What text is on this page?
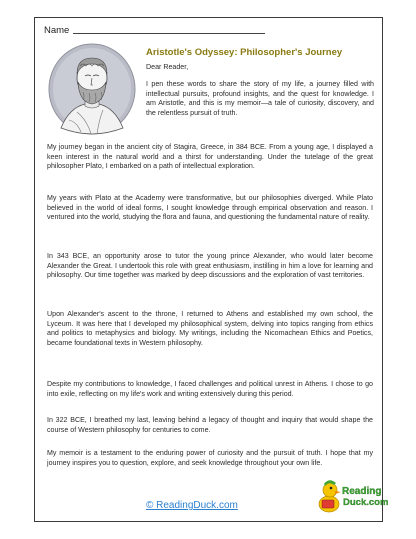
Name
Aristotle's Odyssey: Philosopher's Journey
Dear Reader,
I pen these words to share the story of my life, a journey filled with intellectual pursuits, profound insights, and the quest for knowledge. I am Aristotle, and this is my memoir—a tale of curiosity, discovery, and the relentless pursuit of truth.
My journey began in the ancient city of Stagira, Greece, in 384 BCE. From a young age, I displayed a keen interest in the natural world and a thirst for understanding. Under the tutelage of the great philosopher Plato, I embarked on a path of intellectual exploration.
My years with Plato at the Academy were transformative, but our philosophies diverged. While Plato believed in the world of ideal forms, I sought knowledge through empirical observation and reason. I ventured into the world, studying the flora and fauna, and questioning the fundamental nature of reality.
In 343 BCE, an opportunity arose to tutor the young prince Alexander, who would later become Alexander the Great. I undertook this role with great enthusiasm, instilling in him a love for learning and philosophy. Our time together was marked by deep discussions and the exploration of vast territories.
Upon Alexander's ascent to the throne, I returned to Athens and established my own school, the Lyceum. It was here that I developed my philosophical system, delving into topics ranging from ethics and politics to metaphysics and biology. My writings, including the Nicomachean Ethics and Poetics, became foundational texts in Western philosophy.
Despite my contributions to knowledge, I faced challenges and political unrest in Athens. I chose to go into exile, reflecting on my life's work and writing extensively during this period.
In 322 BCE, I breathed my last, leaving behind a legacy of thought and inquiry that would shape the course of Western philosophy for centuries to come.
My memoir is a testament to the enduring power of curiosity and the pursuit of truth. I hope that my journey inspires you to question, explore, and seek knowledge throughout your own life.
© ReadingDuck.com
Reading
Duck.com
